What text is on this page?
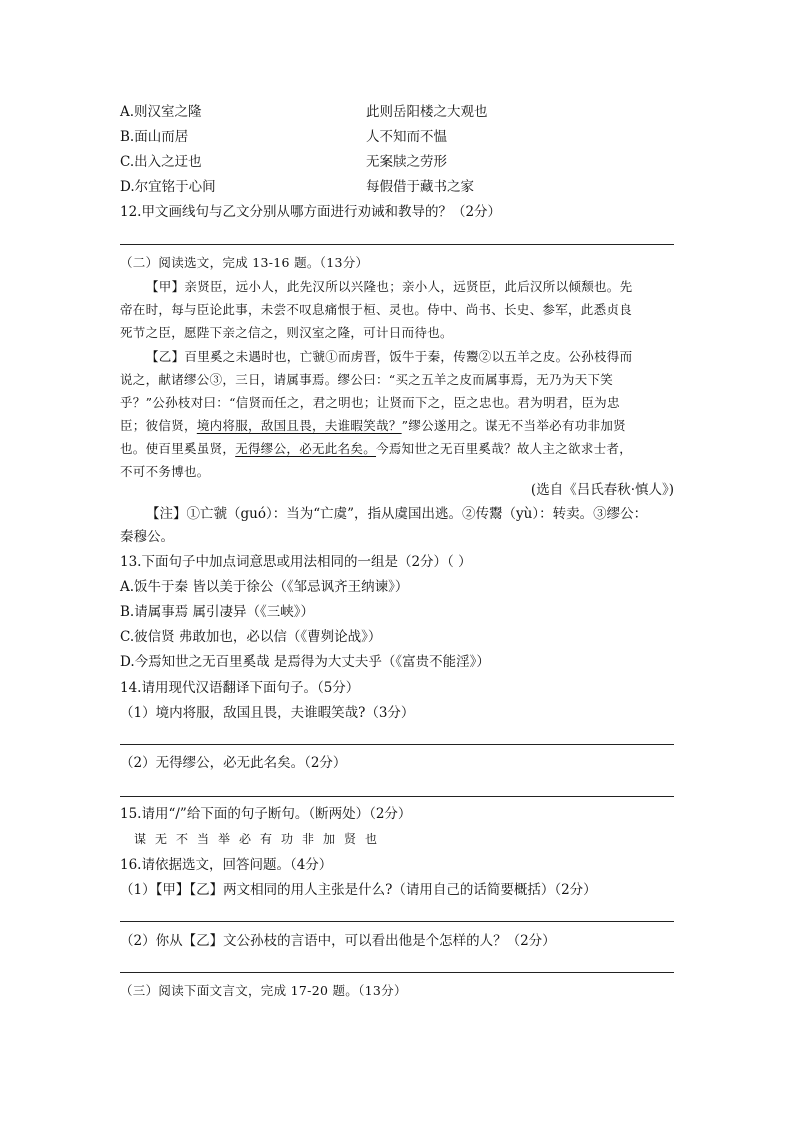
A.则汉室之隆	此则岳阳楼之大观也
B.面山而居	人不知而不愠
C.出入之迂也	无案牍之劳形
D.尔宜铭于心间	每假借于藏书之家
12.甲文画线句与乙文分别从哪方面进行劝诫和教导的？（2分）
（二）阅读选文，完成 13-16 题。（13分）
【甲】亲贤臣，远小人，此先汉所以兴隆也；亲小人，远贤臣，此后汉所以倾颓也。先
帝在时，每与臣论此事，未尝不叹息痛恨于桓、灵也。侍中、尚书、长史、参军，此悉贞良
死节之臣，愿陛下亲之信之，则汉室之隆，可计日而待也。
【乙】百里奚之未遇时也，亡虢①而虏晋，饭牛于秦，传鬻②以五羊之皮。公孙枝得而
说之，献诸缪公③，三日，请属事焉。缪公曰：“买之五羊之皮而属事焉，无乃为天下笑
乎？”公孙枝对曰：“信贤而任之，君之明也；让贤而下之，臣之忠也。君为明君，臣为忠
臣；彼信贤，境内将服，敌国且畏，夫谁暇笑哉？”缪公遂用之。谋无不当举必有功非加贤
也。使百里奚虽贤，无得缪公，必无此名矣。今焉知世之无百里奚哉？故人主之欲求士者，
不可不务博也。
(选自《吕氏春秋·慎人》)
【注】①亡虢（guó）：当为“亡虞”，指从虞国出逃。②传鬻（yù）：转卖。③缪公：
秦穆公。
13.下面句子中加点词意思或用法相同的一组是（2分）（ ）
A.饭牛于秦 皆以美于徐公（《邹忌讽齐王纳谏》）
B.请属事焉 属引凄异（《三峡》）
C.彼信贤 弗敢加也，必以信（《曹刿论战》）
D.今焉知世之无百里奚哉 是焉得为大丈夫乎（《富贵不能淫》）
14.请用现代汉语翻译下面句子。（5分）
（1）境内将服，敌国且畏，夫谁暇笑哉?（3分）
（2）无得缪公，必无此名矣。（2分）
15.请用“/”给下面的句子断句。（断两处）（2分）
谋无不当举必有功非加贤也
16.请依据选文，回答问题。（4分）
（1）【甲】【乙】两文相同的用人主张是什么?（请用自己的话简要概括）（2分）
（2）你从【乙】文公孙枝的言语中，可以看出他是个怎样的人？（2分）
（三）阅读下面文言文，完成 17-20 题。（13分）
